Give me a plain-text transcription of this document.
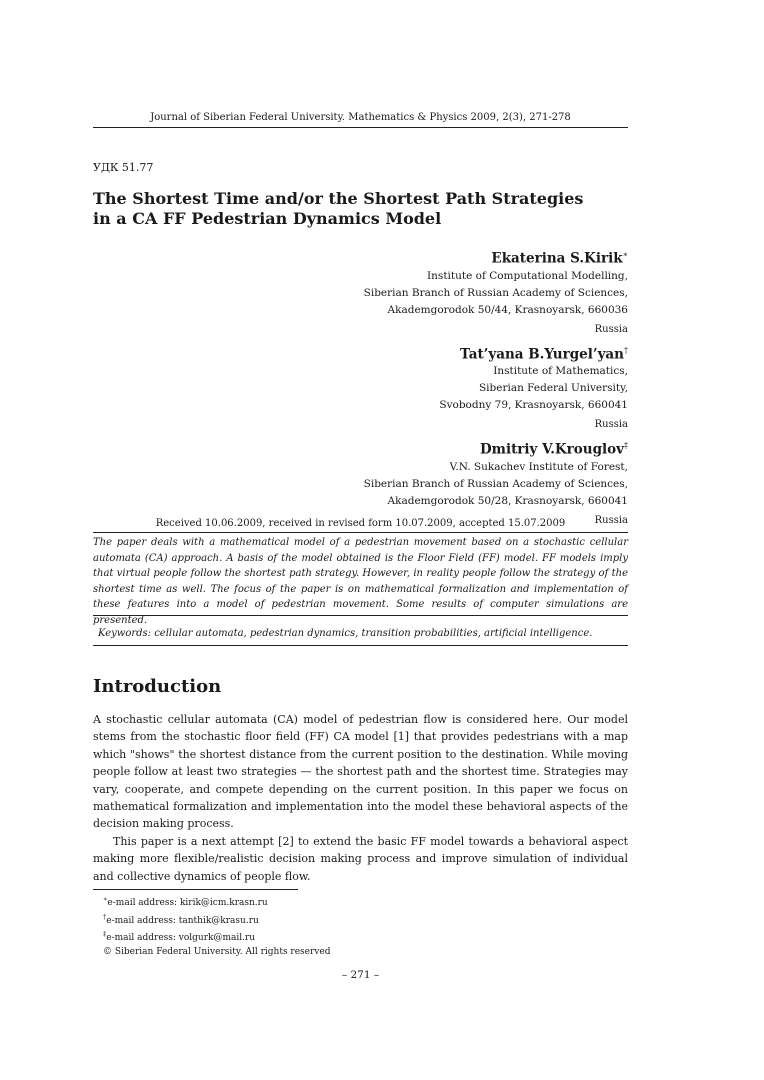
Journal of Siberian Federal University. Mathematics & Physics 2009, 2(3), 271-278
УДК 51.77
The Shortest Time and/or the Shortest Path Strategies
in a CA FF Pedestrian Dynamics Model
Ekaterina S.Kirik∗
Institute of Computational Modelling,
Siberian Branch of Russian Academy of Sciences,
Akademgorodok 50/44, Krasnoyarsk, 660036
Russia
Tat’yana B.Yurgel’yan†
Institute of Mathematics,
Siberian Federal University,
Svobodny 79, Krasnoyarsk, 660041
Russia
Dmitriy V.Krouglov‡
V.N. Sukachev Institute of Forest,
Siberian Branch of Russian Academy of Sciences,
Akademgorodok 50/28, Krasnoyarsk, 660041
Russia
Received 10.06.2009, received in revised form 10.07.2009, accepted 15.07.2009
The paper deals with a mathematical model of a pedestrian movement based on a stochastic cellular automata (CA) approach. A basis of the model obtained is the Floor Field (FF) model. FF models imply that virtual people follow the shortest path strategy. However, in reality people follow the strategy of the shortest time as well. The focus of the paper is on mathematical formalization and implementation of these features into a model of pedestrian movement. Some results of computer simulations are presented.
Keywords: cellular automata, pedestrian dynamics, transition probabilities, artificial intelligence.
Introduction

A stochastic cellular automata (CA) model of pedestrian flow is considered here. Our model stems from the stochastic floor field (FF) CA model [1] that provides pedestrians with a map which "shows" the shortest distance from the current position to the destination. While moving people follow at least two strategies — the shortest path and the shortest time. Strategies may vary, cooperate, and compete depending on the current position. In this paper we focus on mathematical formalization and implementation into the model these behavioral aspects of the decision making process.

This paper is a next attempt [2] to extend the basic FF model towards a behavioral aspect making more flexible/realistic decision making process and improve simulation of individual and collective dynamics of people flow.

∗e-mail address: kirik@icm.krasn.ru
†e-mail address: tanthik@krasu.ru
‡e-mail address: volgurk@mail.ru
© Siberian Federal University. All rights reserved
– 271 –
